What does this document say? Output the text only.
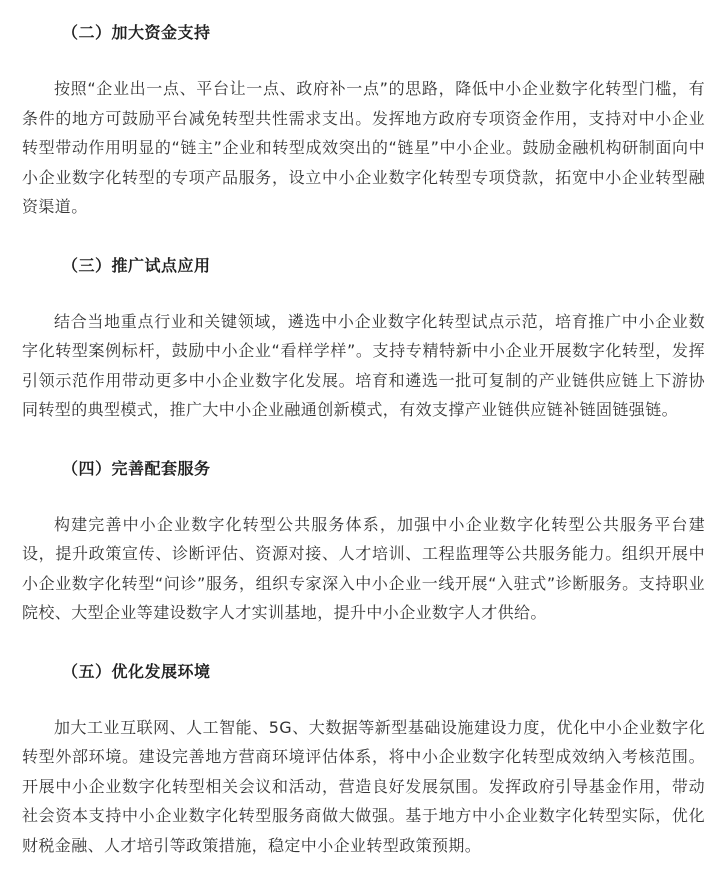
（二）加大资金支持

按照“企业出一点、平台让一点、政府补一点”的思路，降低中小企业数字化转型门槛，有条件的地方可鼓励平台减免转型共性需求支出。发挥地方政府专项资金作用，支持对中小企业转型带动作用明显的“链主”企业和转型成效突出的“链星”中小企业。鼓励金融机构研制面向中小企业数字化转型的专项产品服务，设立中小企业数字化转型专项贷款，拓宽中小企业转型融资渠道。

（三）推广试点应用

结合当地重点行业和关键领域，遴选中小企业数字化转型试点示范，培育推广中小企业数字化转型案例标杆，鼓励中小企业“看样学样”。支持专精特新中小企业开展数字化转型，发挥引领示范作用带动更多中小企业数字化发展。培育和遴选一批可复制的产业链供应链上下游协同转型的典型模式，推广大中小企业融通创新模式，有效支撑产业链供应链补链固链强链。

（四）完善配套服务

构建完善中小企业数字化转型公共服务体系，加强中小企业数字化转型公共服务平台建设，提升政策宣传、诊断评估、资源对接、人才培训、工程监理等公共服务能力。组织开展中小企业数字化转型“问诊”服务，组织专家深入中小企业一线开展“入驻式”诊断服务。支持职业院校、大型企业等建设数字人才实训基地，提升中小企业数字人才供给。

（五）优化发展环境

加大工业互联网、人工智能、5G、大数据等新型基础设施建设力度，优化中小企业数字化转型外部环境。建设完善地方营商环境评估体系，将中小企业数字化转型成效纳入考核范围。开展中小企业数字化转型相关会议和活动，营造良好发展氛围。发挥政府引导基金作用，带动社会资本支持中小企业数字化转型服务商做大做强。基于地方中小企业数字化转型实际，优化财税金融、人才培引等政策措施，稳定中小企业转型政策预期。
